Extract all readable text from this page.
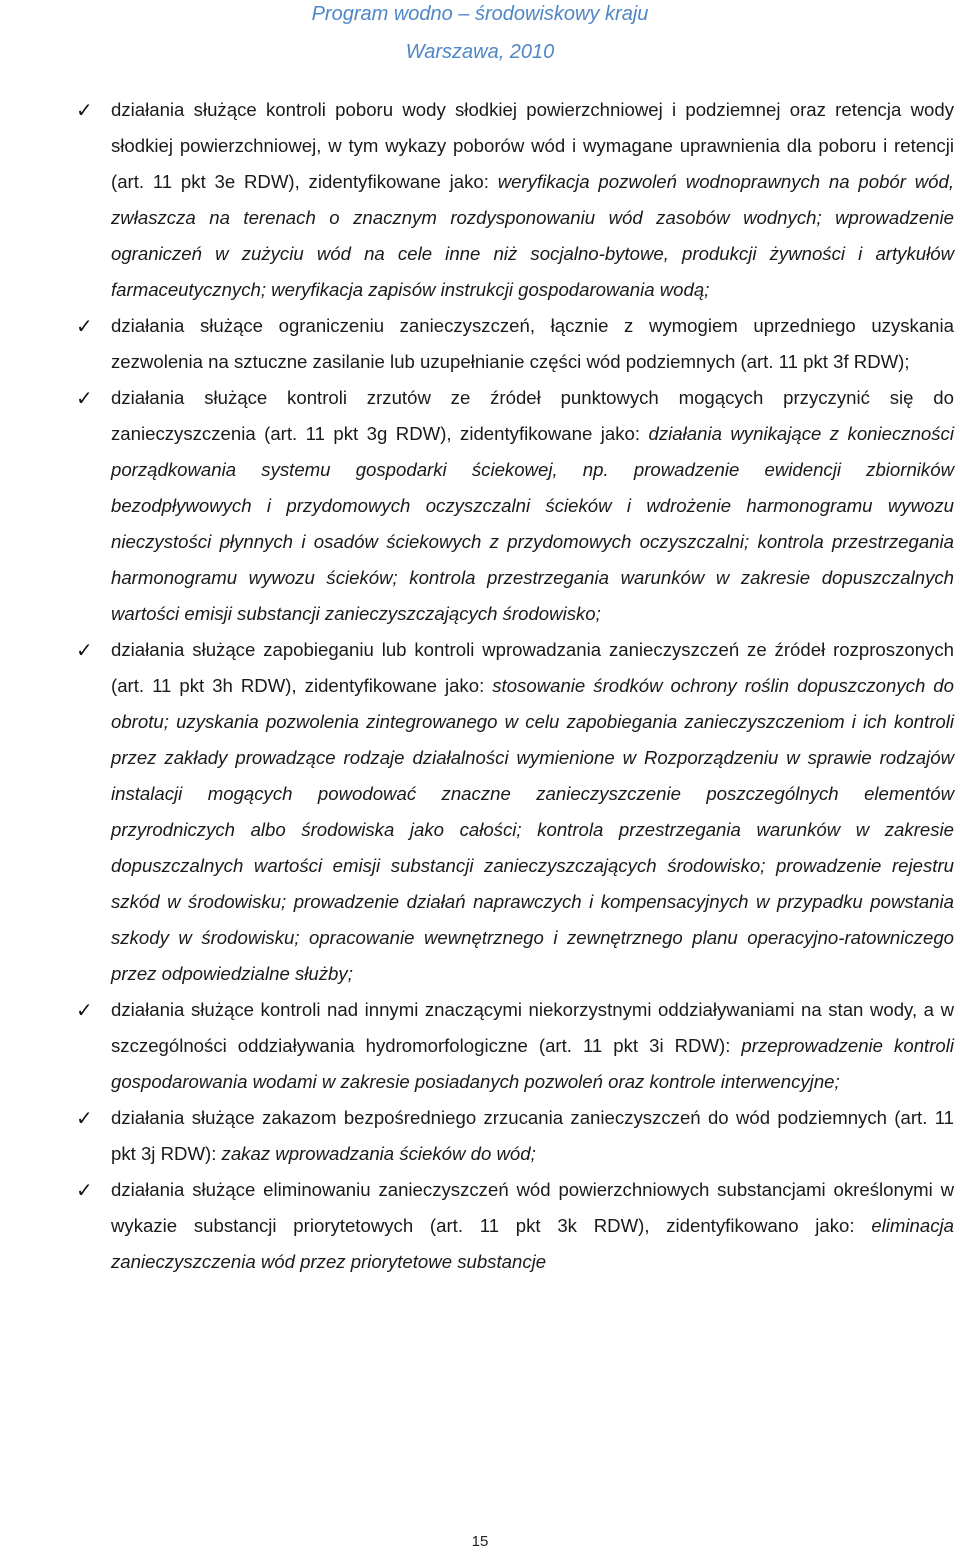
Program wodno – środowiskowy kraju
Warszawa, 2010
✓ działania służące kontroli poboru wody słodkiej powierzchniowej i podziemnej oraz retencja wody słodkiej powierzchniowej, w tym wykazy poborów wód i wymagane uprawnienia dla poboru i retencji (art. 11 pkt 3e RDW), zidentyfikowane jako: weryfikacja pozwoleń wodnoprawnych na pobór wód, zwłaszcza na terenach o znacznym rozdysponowaniu wód zasobów wodnych; wprowadzenie ograniczeń w zużyciu wód na cele inne niż socjalno-bytowe, produkcji żywności i artykułów farmaceutycznych; weryfikacja zapisów instrukcji gospodarowania wodą;
✓ działania służące ograniczeniu zanieczyszczeń, łącznie z wymogiem uprzedniego uzyskania zezwolenia na sztuczne zasilanie lub uzupełnianie części wód podziemnych (art. 11 pkt 3f RDW);
✓ działania służące kontroli zrzutów ze źródeł punktowych mogących przyczynić się do zanieczyszczenia (art. 11 pkt 3g RDW), zidentyfikowane jako: działania wynikające z konieczności porządkowania systemu gospodarki ściekowej, np. prowadzenie ewidencji zbiorników bezodpływowych i przydomowych oczyszczalni ścieków i wdrożenie harmonogramu wywozu nieczystości płynnych i osadów ściekowych z przydomowych oczyszczalni; kontrola przestrzegania harmonogramu wywozu ścieków; kontrola przestrzegania warunków w zakresie dopuszczalnych wartości emisji substancji zanieczyszczających środowisko;
✓ działania służące zapobieganiu lub kontroli wprowadzania zanieczyszczeń ze źródeł rozproszonych (art. 11 pkt 3h RDW), zidentyfikowane jako: stosowanie środków ochrony roślin dopuszczonych do obrotu; uzyskania pozwolenia zintegrowanego w celu zapobiegania zanieczyszczeniom i ich kontroli przez zakłady prowadzące rodzaje działalności wymienione w Rozporządzeniu w sprawie rodzajów instalacji mogących powodować znaczne zanieczyszczenie poszczególnych elementów przyrodniczych albo środowiska jako całości; kontrola przestrzegania warunków w zakresie dopuszczalnych wartości emisji substancji zanieczyszczających środowisko; prowadzenie rejestru szkód w środowisku; prowadzenie działań naprawczych i kompensacyjnych w przypadku powstania szkody w środowisku; opracowanie wewnętrznego i zewnętrznego planu operacyjno-ratowniczego przez odpowiedzialne służby;
✓ działania służące kontroli nad innymi znaczącymi niekorzystnymi oddziaływaniami na stan wody, a w szczególności oddziaływania hydromorfologiczne (art. 11 pkt 3i RDW): przeprowadzenie kontroli gospodarowania wodami w zakresie posiadanych pozwoleń oraz kontrole interwencyjne;
✓ działania służące zakazom bezpośredniego zrzucania zanieczyszczeń do wód podziemnych (art. 11 pkt 3j RDW): zakaz wprowadzania ścieków do wód;
✓ działania służące eliminowaniu zanieczyszczeń wód powierzchniowych substancjami określonymi w wykazie substancji priorytetowych (art. 11 pkt 3k RDW), zidentyfikowano jako: eliminacja zanieczyszczenia wód przez priorytetowe substancje
15
